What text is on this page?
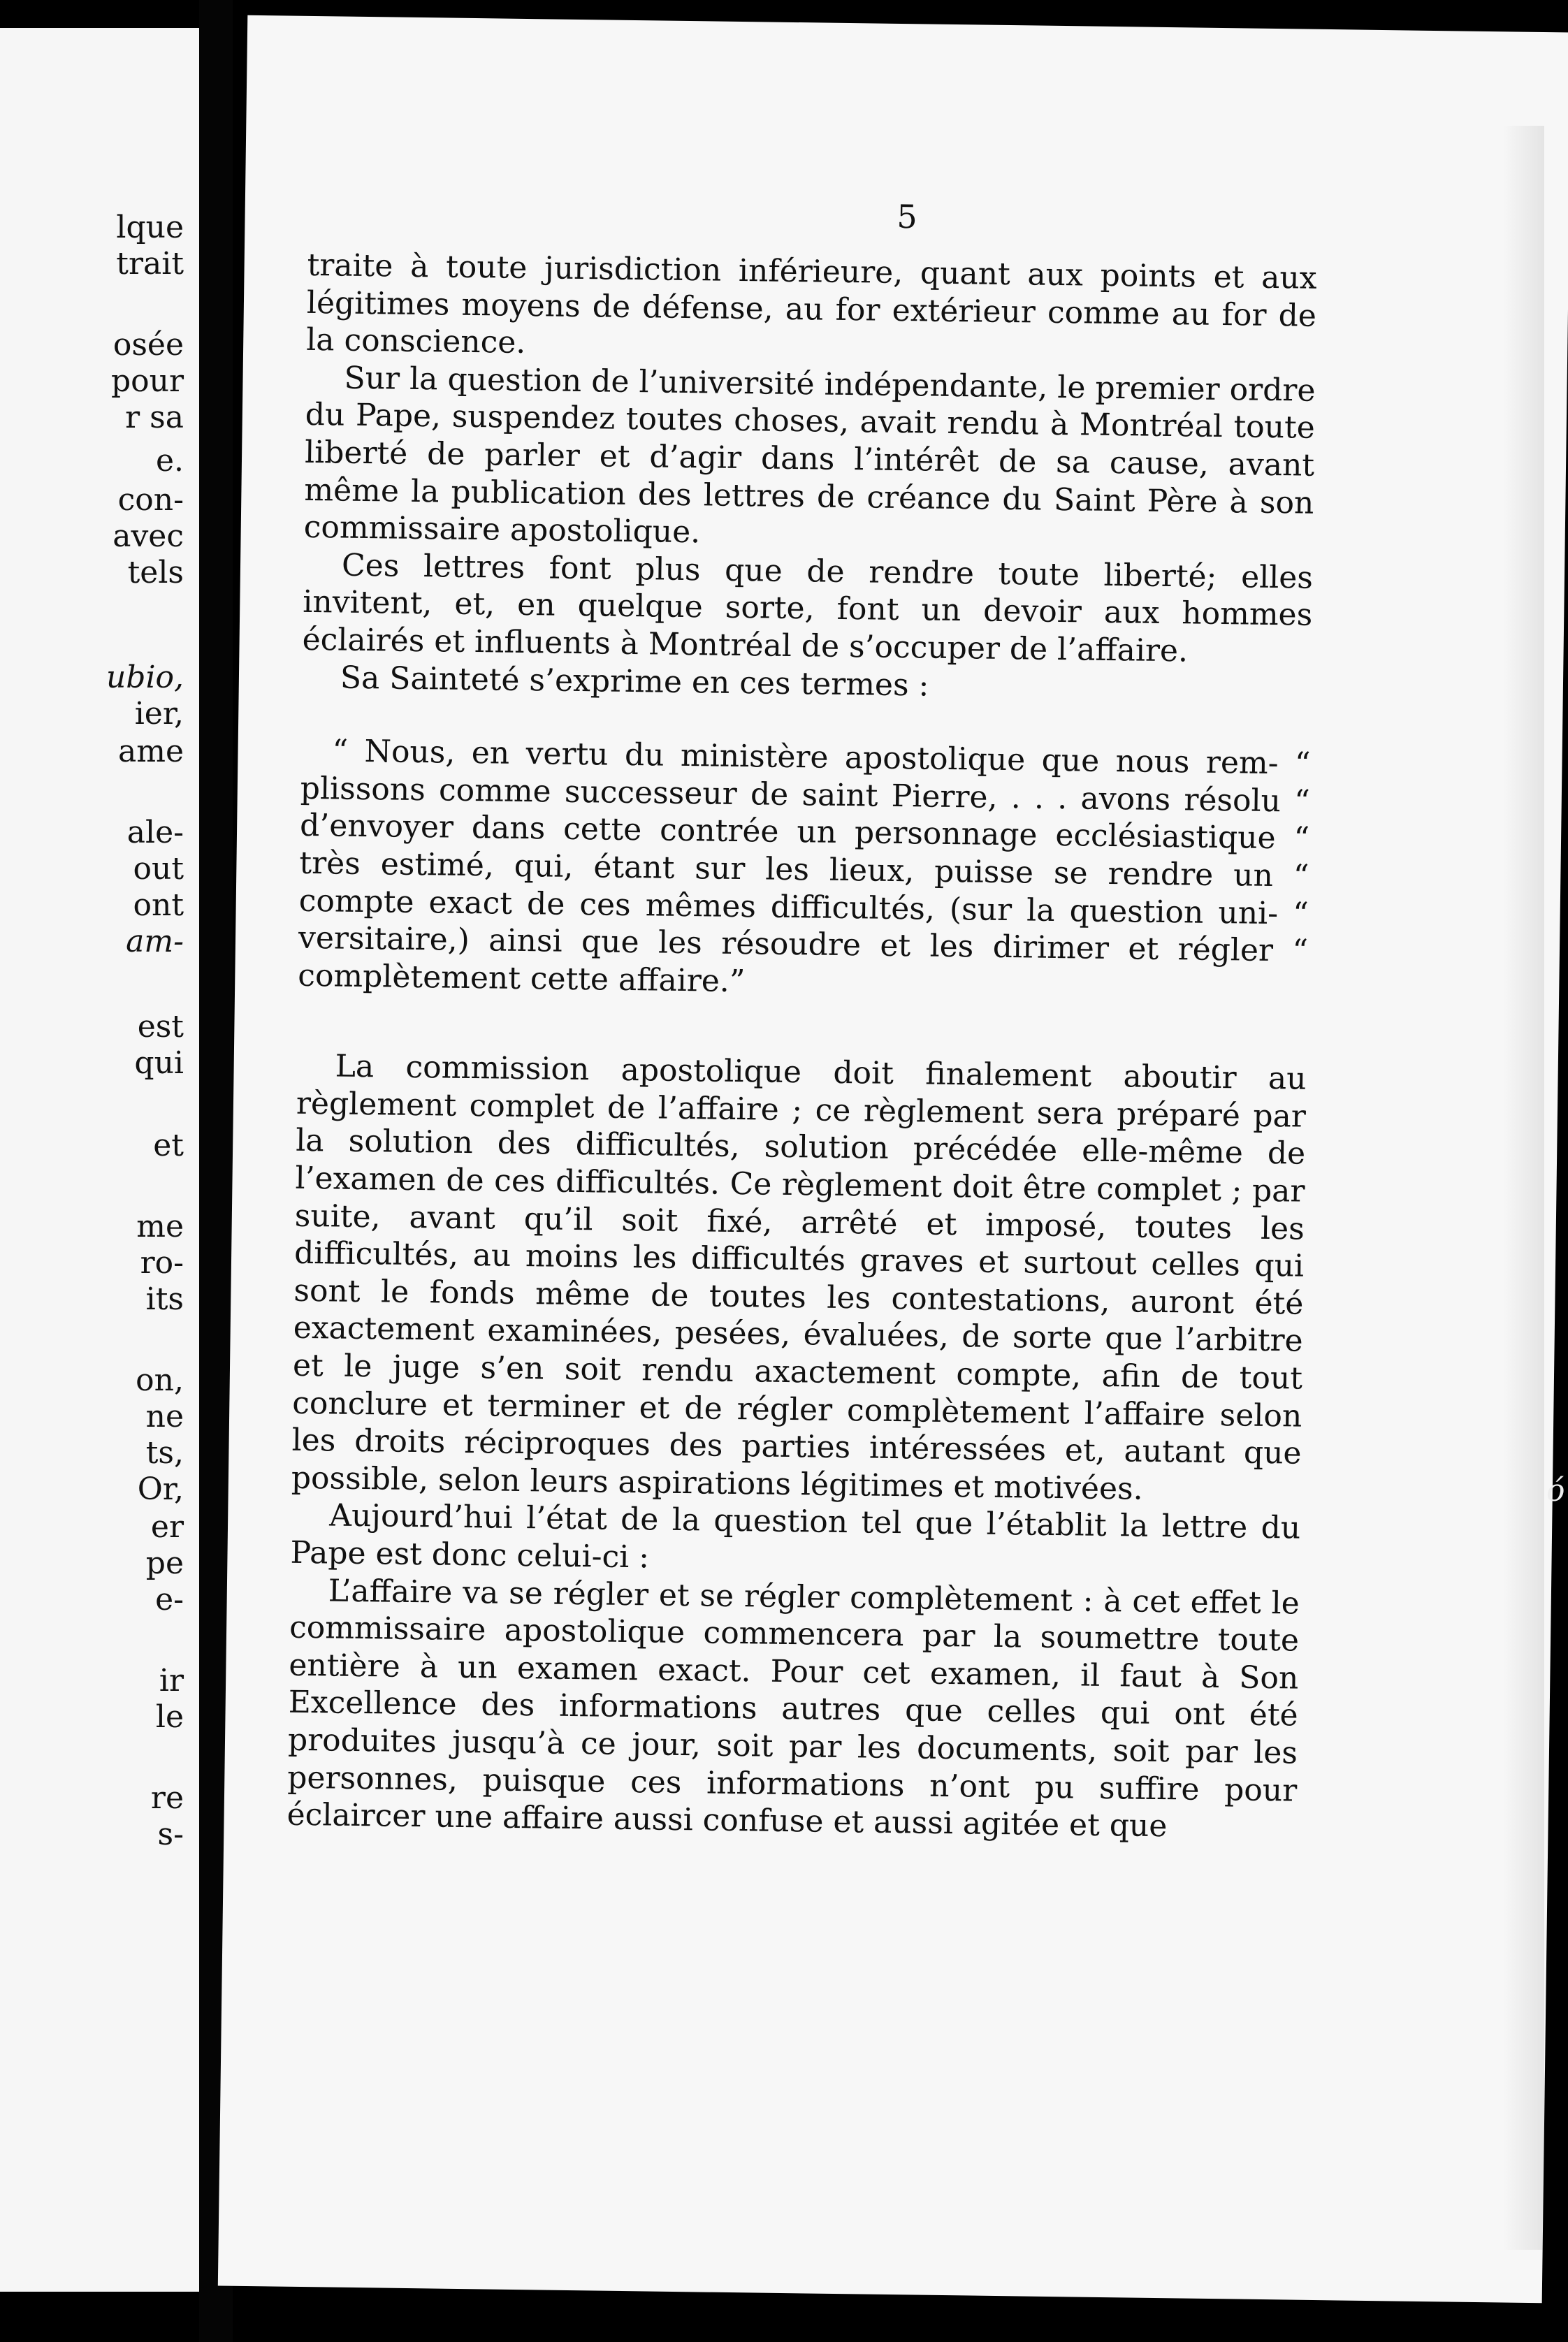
lque
trait
osée
pour
r sa
e.
con-
avec
tels
ubio,
ier,
ame
ale-
out
ont
am-
est
qui
et
me
ro-
its
on,
ne
ts,
Or,
er
pe
e-
ir
le
re
s-
5

traite à toute jurisdiction inférieure, quant aux points et aux légitimes moyens de défense, au for extérieur comme au for de la conscience.

Sur la question de l’université indépendante, le premier ordre du Pape, suspendez toutes choses, avait rendu à Montréal toute liberté de parler et d’agir dans l’intérêt de sa cause, avant même la publication des lettres de créance du Saint Père à son commissaire apostolique.

Ces lettres font plus que de rendre toute liberté; elles invitent, et, en quelque sorte, font un devoir aux hommes éclairés et influents à Montréal de s’occuper de l’affaire.

Sa Sainteté s’exprime en ces termes :

“ Nous, en vertu du ministère apostolique que nous rem- “ plissons comme successeur de saint Pierre, . . . avons résolu “ d’envoyer dans cette contrée un personnage ecclésiastique “ très estimé, qui, étant sur les lieux, puisse se rendre un “ compte exact de ces mêmes difficultés, (sur la question uni- “ versitaire,) ainsi que les résoudre et les dirimer et régler “ complètement cette affaire.”

La commission apostolique doit finalement aboutir au règlement complet de l’affaire ; ce règlement sera préparé par la solution des difficultés, solution précédée elle-même de l’examen de ces difficultés. Ce règlement doit être complet ; par suite, avant qu’il soit fixé, arrêté et imposé, toutes les difficultés, au moins les difficultés graves et surtout celles qui sont le fonds même de toutes les contestations, auront été exactement examinées, pesées, évaluées, de sorte que l’arbitre et le juge s’en soit rendu axactement compte, afin de tout conclure et terminer et de régler complètement l’affaire selon les droits réciproques des parties intéressées et, autant que possible, selon leurs aspirations légitimes et motivées.

Aujourd’hui l’état de la question tel que l’établit la lettre du Pape est donc celui-ci :

L’affaire va se régler et se régler complètement : à cet effet le commissaire apostolique commencera par la soumettre toute entière à un examen exact. Pour cet examen, il faut à Son Excellence des informations autres que celles qui ont été produites jusqu’à ce jour, soit par les documents, soit par les personnes, puisque ces informations n’ont pu suffire pour éclaircer une affaire aussi confuse et aussi agitée et que

ó
